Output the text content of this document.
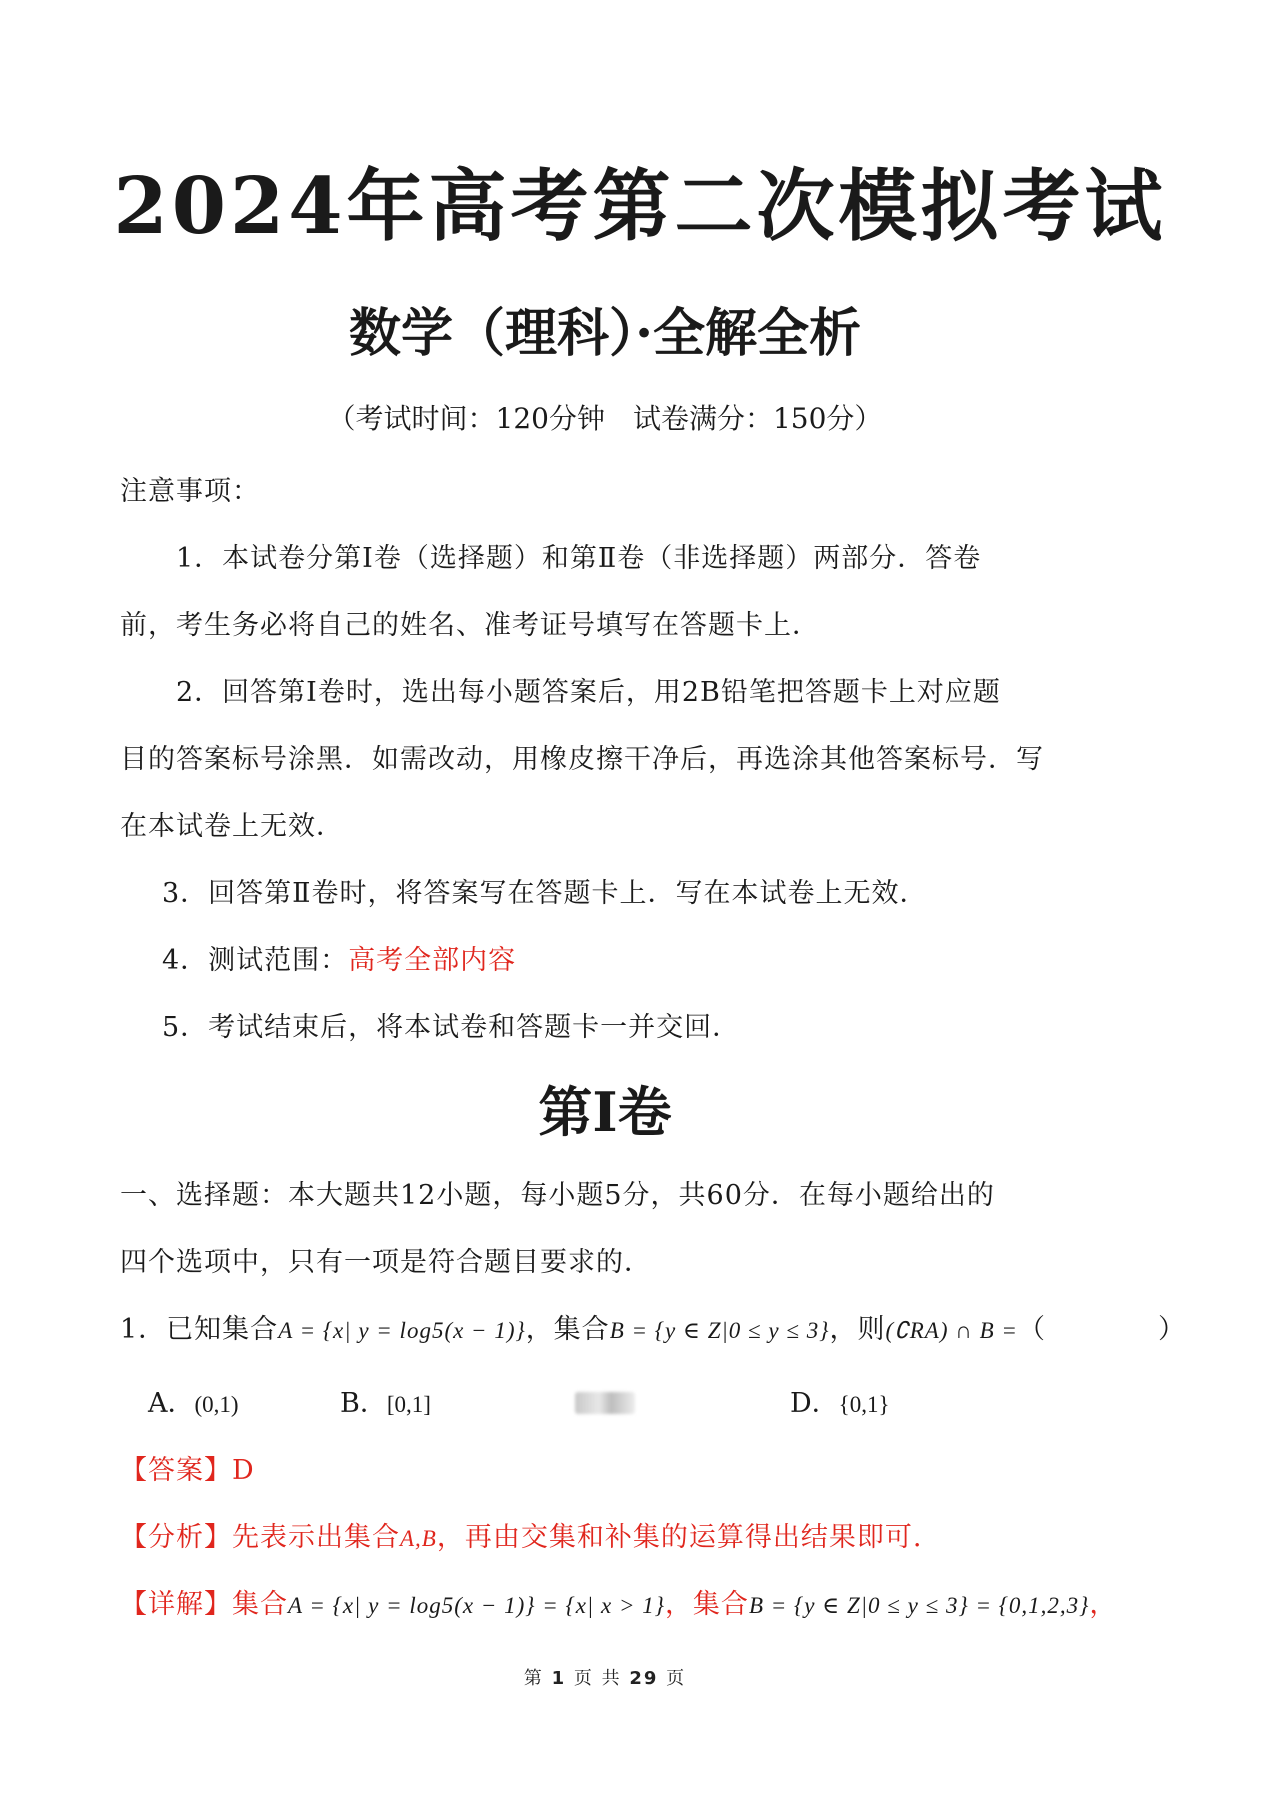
2024年高考第二次模拟考试
数学（理科）·全解全析
（考试时间：120分钟　试卷满分：150分）
注意事项：
1．本试卷分第Ⅰ卷（选择题）和第Ⅱ卷（非选择题）两部分．答卷
前，考生务必将自己的姓名、准考证号填写在答题卡上．
2．回答第Ⅰ卷时，选出每小题答案后，用2B铅笔把答题卡上对应题
目的答案标号涂黑．如需改动，用橡皮擦干净后，再选涂其他答案标号．写
在本试卷上无效．
3．回答第Ⅱ卷时，将答案写在答题卡上．写在本试卷上无效．
4．测试范围：高考全部内容
5．考试结束后，将本试卷和答题卡一并交回．
第Ⅰ卷
一、选择题：本大题共12小题，每小题5分，共60分．在每小题给出的
四个选项中，只有一项是符合题目要求的．
1．已知集合A = {x| y = log5(x − 1)}，集合B = {y ∈ Z|0 ≤ y ≤ 3}，则(∁RA) ∩ B =（　　　　）
A．(0,1)	B．[0,1]	D．{0,1}
【答案】D
【分析】先表示出集合A,B，再由交集和补集的运算得出结果即可.
【详解】集合A = {x| y = log5(x − 1)} = {x| x > 1}，集合B = {y ∈ Z|0 ≤ y ≤ 3} = {0,1,2,3}，
第 1 页 共 29 页
